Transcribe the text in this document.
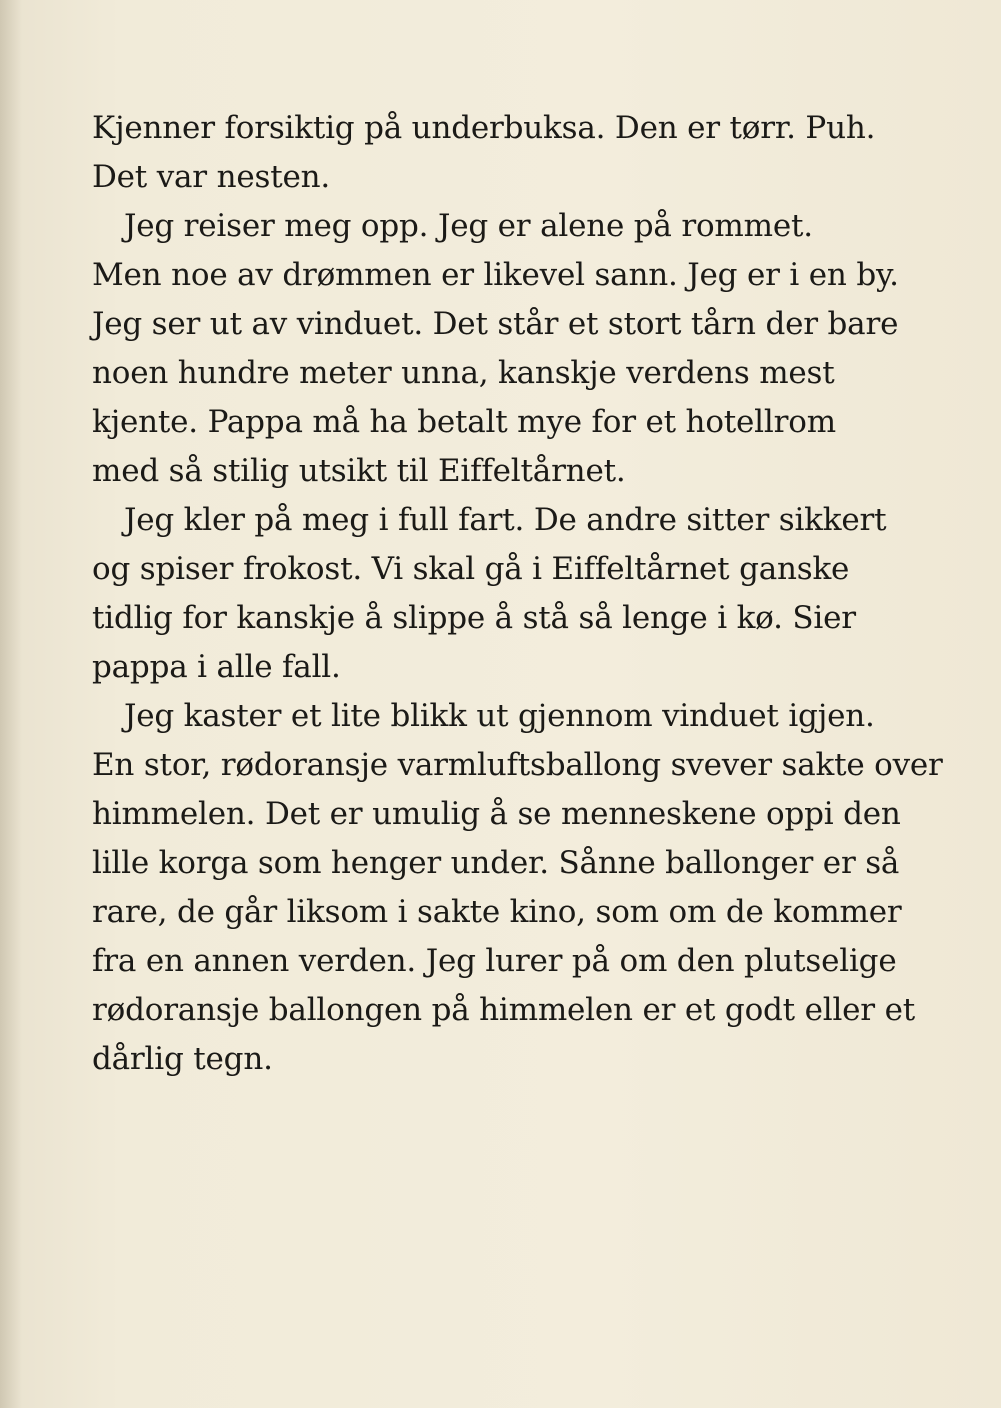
Kjenner forsiktig på underbuksa. Den er tørr. Puh.
Det var nesten.
Jeg reiser meg opp. Jeg er alene på rommet.
Men noe av drømmen er likevel sann. Jeg er i en by.
Jeg ser ut av vinduet. Det står et stort tårn der bare
noen hundre meter unna, kanskje verdens mest
kjente. Pappa må ha betalt mye for et hotellrom
med så stilig utsikt til Eiffeltårnet.
Jeg kler på meg i full fart. De andre sitter sikkert
og spiser frokost. Vi skal gå i Eiffeltårnet ganske
tidlig for kanskje å slippe å stå så lenge i kø. Sier
pappa i alle fall.
Jeg kaster et lite blikk ut gjennom vinduet igjen.
En stor, rødoransje varmluftsballong svever sakte over
himmelen. Det er umulig å se menneskene oppi den
lille korga som henger under. Sånne ballonger er så
rare, de går liksom i sakte kino, som om de kommer
fra en annen verden. Jeg lurer på om den plutselige
rødoransje ballongen på himmelen er et godt eller et
dårlig tegn.
